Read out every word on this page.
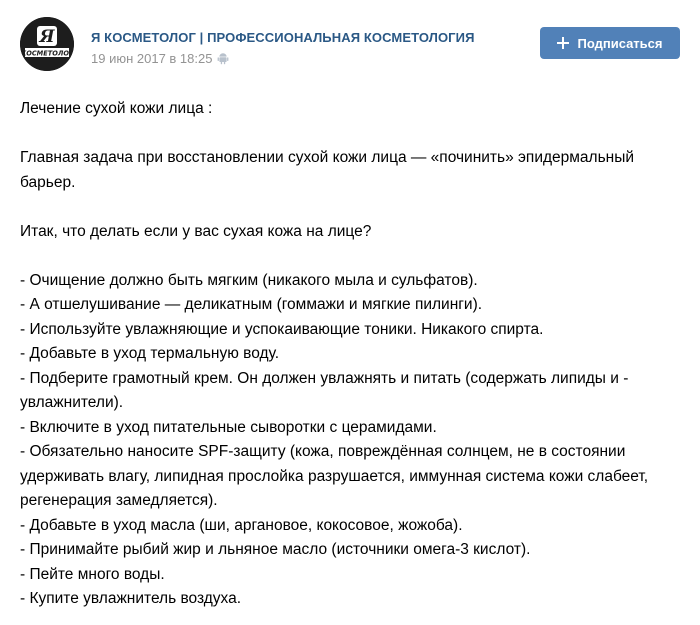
Я
КОСМЕТОЛОГ
Я КОСМЕТОЛОГ | ПРОФЕССИОНАЛЬНАЯ КОСМЕТОЛОГИЯ
19 июн 2017 в 18:25
Подписаться

Лечение сухой кожи лица :

Главная задача при восстановлении сухой кожи лица — «починить» эпидермальный барьер.

Итак, что делать если у вас сухая кожа на лице?

- Очищение должно быть мягким (никакого мыла и сульфатов).
- А отшелушивание — деликатным (гоммажи и мягкие пилинги).
- Используйте увлажняющие и успокаивающие тоники. Никакого спирта.
- Добавьте в уход термальную воду.
- Подберите грамотный крем. Он должен увлажнять и питать (содержать липиды и - увлажнители).
- Включите в уход питательные сыворотки с церамидами.
- Обязательно наносите SPF-защиту (кожа, повреждённая солнцем, не в состоянии удерживать влагу, липидная прослойка разрушается, иммунная система кожи слабеет, регенерация замедляется).
- Добавьте в уход масла (ши, аргановое, кокосовое, жожоба).
- Принимайте рыбий жир и льняное масло (источники омега-3 кислот).
- Пейте много воды.
- Купите увлажнитель воздуха.
